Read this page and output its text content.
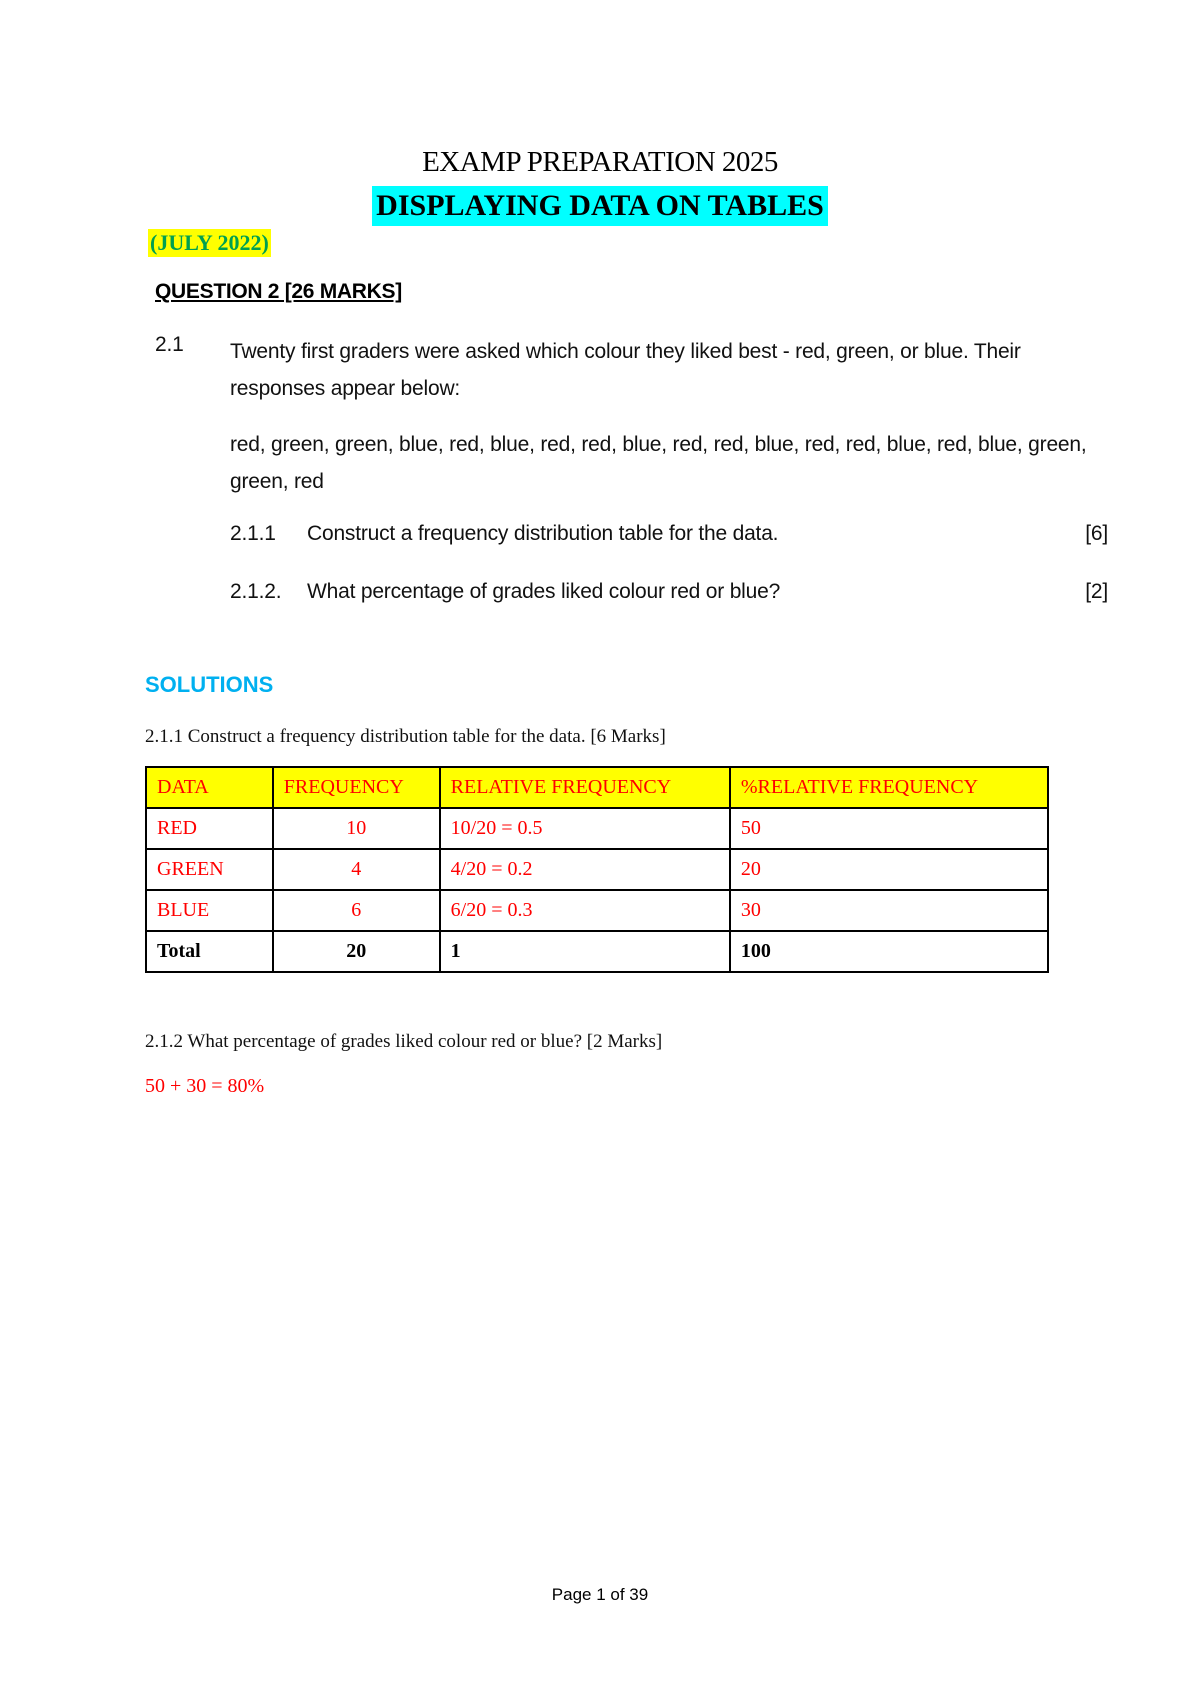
EXAMP PREPARATION 2025
DISPLAYING DATA ON TABLES
(JULY 2022)
QUESTION 2 [26 MARKS]
2.1 Twenty first graders were asked which colour they liked best - red, green, or blue. Their responses appear below:
red, green, green, blue, red, blue, red, red, blue, red, red, blue, red, red, blue, red, blue, green, green, red
2.1.1 Construct a frequency distribution table for the data.	[6]
2.1.2. What percentage of grades liked colour red or blue?	[2]
SOLUTIONS
2.1.1 Construct a frequency distribution table for the data. [6 Marks]
DATA	FREQUENCY	RELATIVE FREQUENCY	%RELATIVE FREQUENCY
RED	10	10/20 = 0.5	50
GREEN	4	4/20 = 0.2	20
BLUE	6	6/20 = 0.3	30
Total	20	1	100
2.1.2 What percentage of grades liked colour red or blue? [2 Marks]
50 + 30 = 80%
Page 1 of 39
